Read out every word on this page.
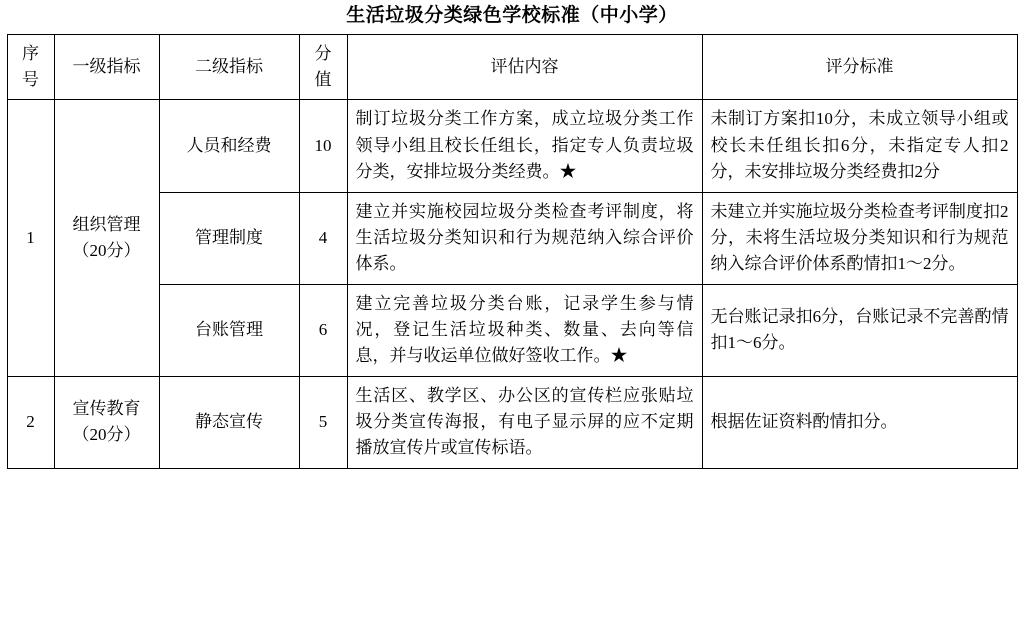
生活垃圾分类绿色学校标准（中小学）
序号	一级指标	二级指标	分值	评估内容	评分标准
1	组织管理（20分）	人员和经费	10	制订垃圾分类工作方案，成立垃圾分类工作领导小组且校长任组长，指定专人负责垃圾分类，安排垃圾分类经费。★	未制订方案扣10分，未成立领导小组或校长未任组长扣6分，未指定专人扣2分，未安排垃圾分类经费扣2分
		管理制度	4	建立并实施校园垃圾分类检查考评制度，将生活垃圾分类知识和行为规范纳入综合评价体系。	未建立并实施垃圾分类检查考评制度扣2分，未将生活垃圾分类知识和行为规范纳入综合评价体系酌情扣1～2分。
		台账管理	6	建立完善垃圾分类台账，记录学生参与情况，登记生活垃圾种类、数量、去向等信息，并与收运单位做好签收工作。★	无台账记录扣6分，台账记录不完善酌情扣1～6分。
2	宣传教育（20分）	静态宣传	5	生活区、教学区、办公区的宣传栏应张贴垃圾分类宣传海报，有电子显示屏的应不定期播放宣传片或宣传标语。	根据佐证资料酌情扣分。
